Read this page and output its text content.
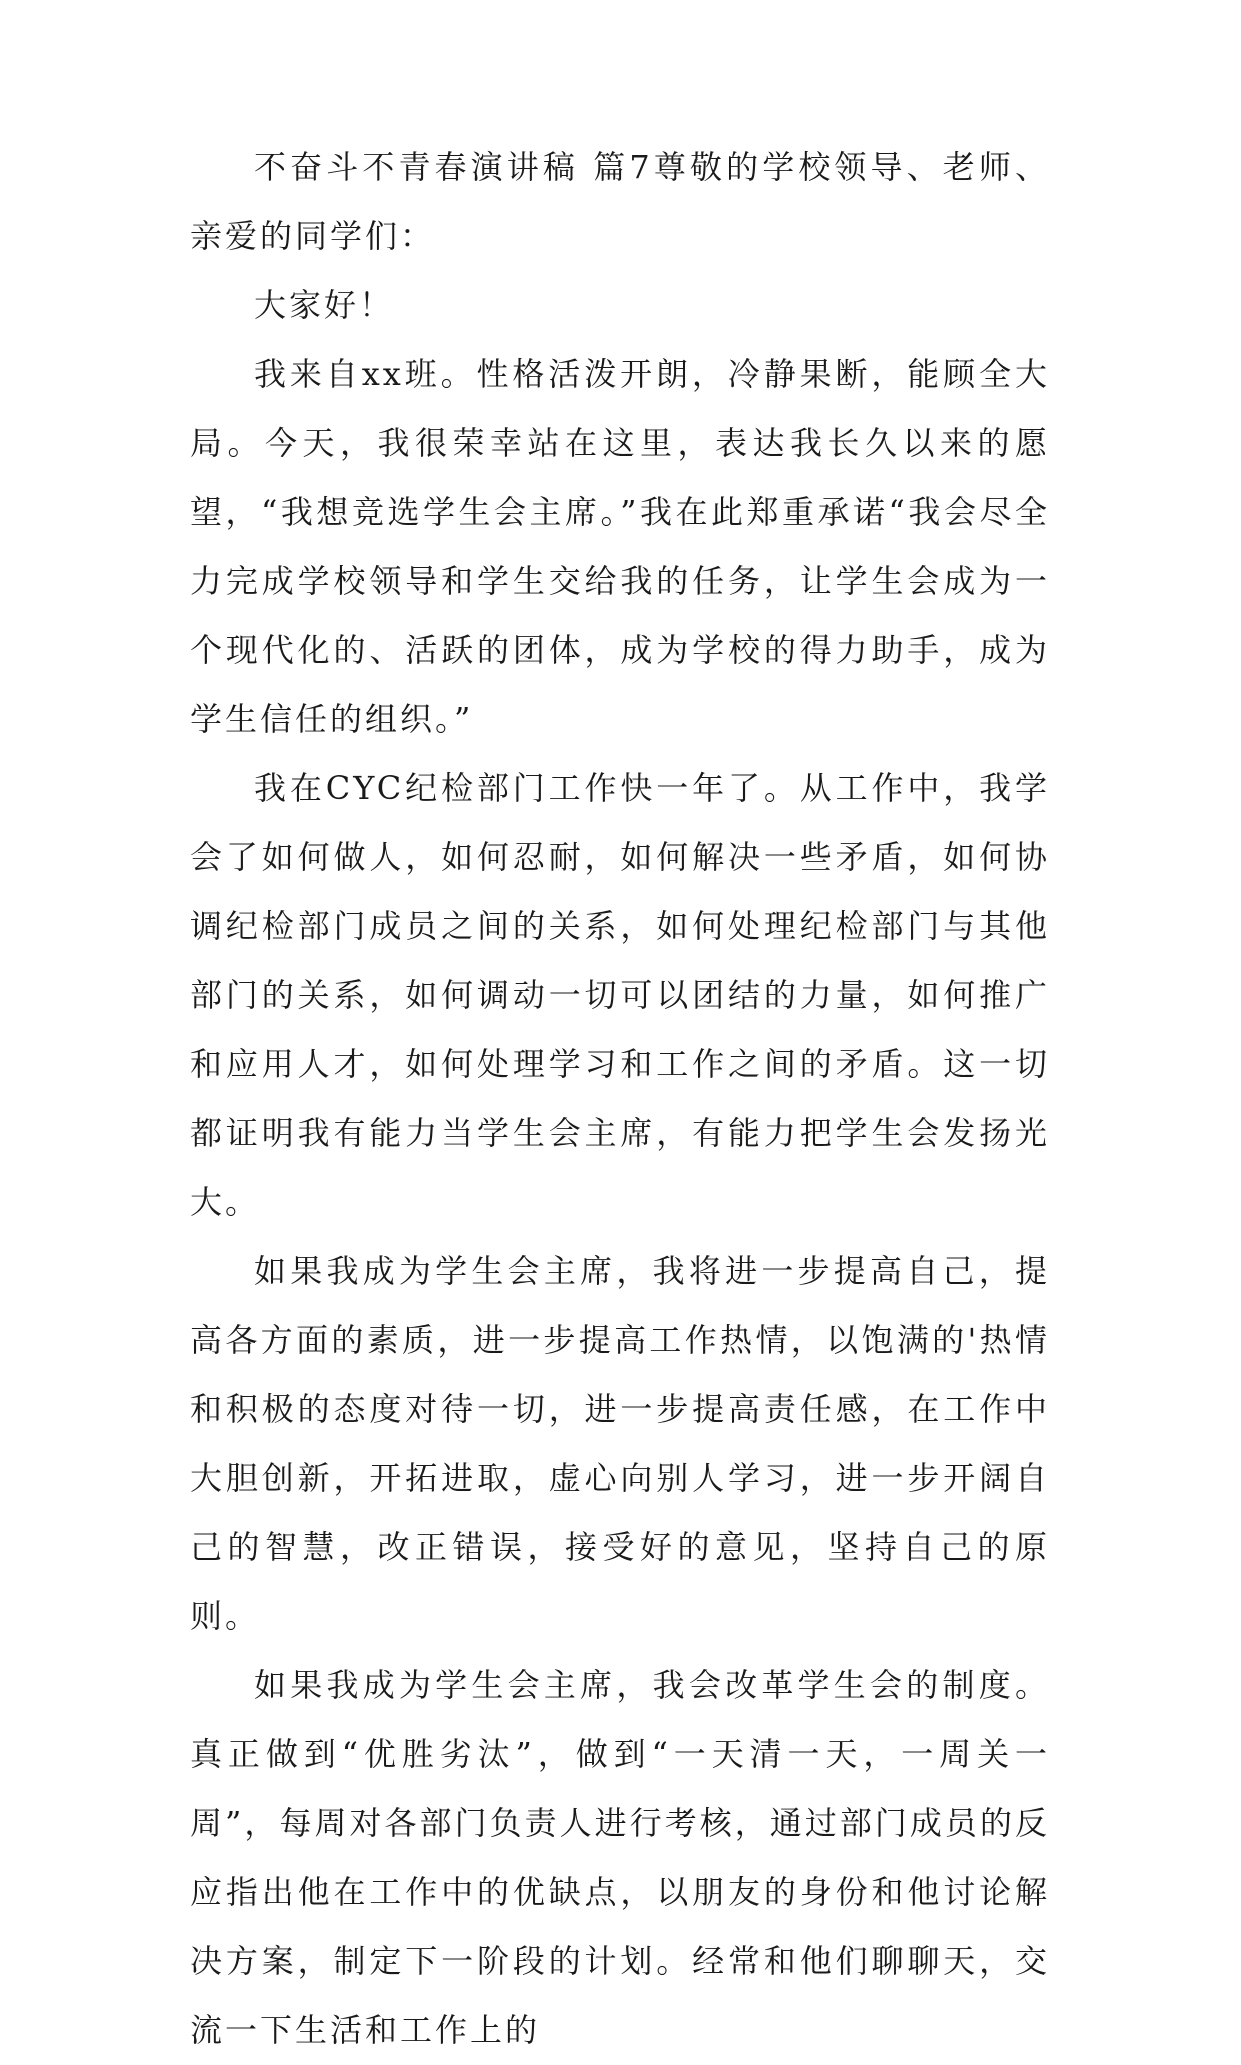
不奋斗不青春演讲稿 篇7尊敬的学校领导、老师、亲爱的同学们：

大家好！

我来自xx班。性格活泼开朗，冷静果断，能顾全大局。今天，我很荣幸站在这里，表达我长久以来的愿望，“我想竞选学生会主席。”我在此郑重承诺“我会尽全力完成学校领导和学生交给我的任务，让学生会成为一个现代化的、活跃的团体，成为学校的得力助手，成为学生信任的组织。”

我在CYC纪检部门工作快一年了。从工作中，我学会了如何做人，如何忍耐，如何解决一些矛盾，如何协调纪检部门成员之间的关系，如何处理纪检部门与其他部门的关系，如何调动一切可以团结的力量，如何推广和应用人才，如何处理学习和工作之间的矛盾。这一切都证明我有能力当学生会主席，有能力把学生会发扬光大。

如果我成为学生会主席，我将进一步提高自己，提高各方面的素质，进一步提高工作热情，以饱满的'热情和积极的态度对待一切，进一步提高责任感，在工作中大胆创新，开拓进取，虚心向别人学习，进一步开阔自己的智慧，改正错误，接受好的意见，坚持自己的原则。

如果我成为学生会主席，我会改革学生会的制度。真正做到“优胜劣汰”，做到“一天清一天，一周关一周”，每周对各部门负责人进行考核，通过部门成员的反应指出他在工作中的优缺点，以朋友的身份和他讨论解决方案，制定下一阶段的计划。经常和他们聊聊天，交流一下生活和工作上的
